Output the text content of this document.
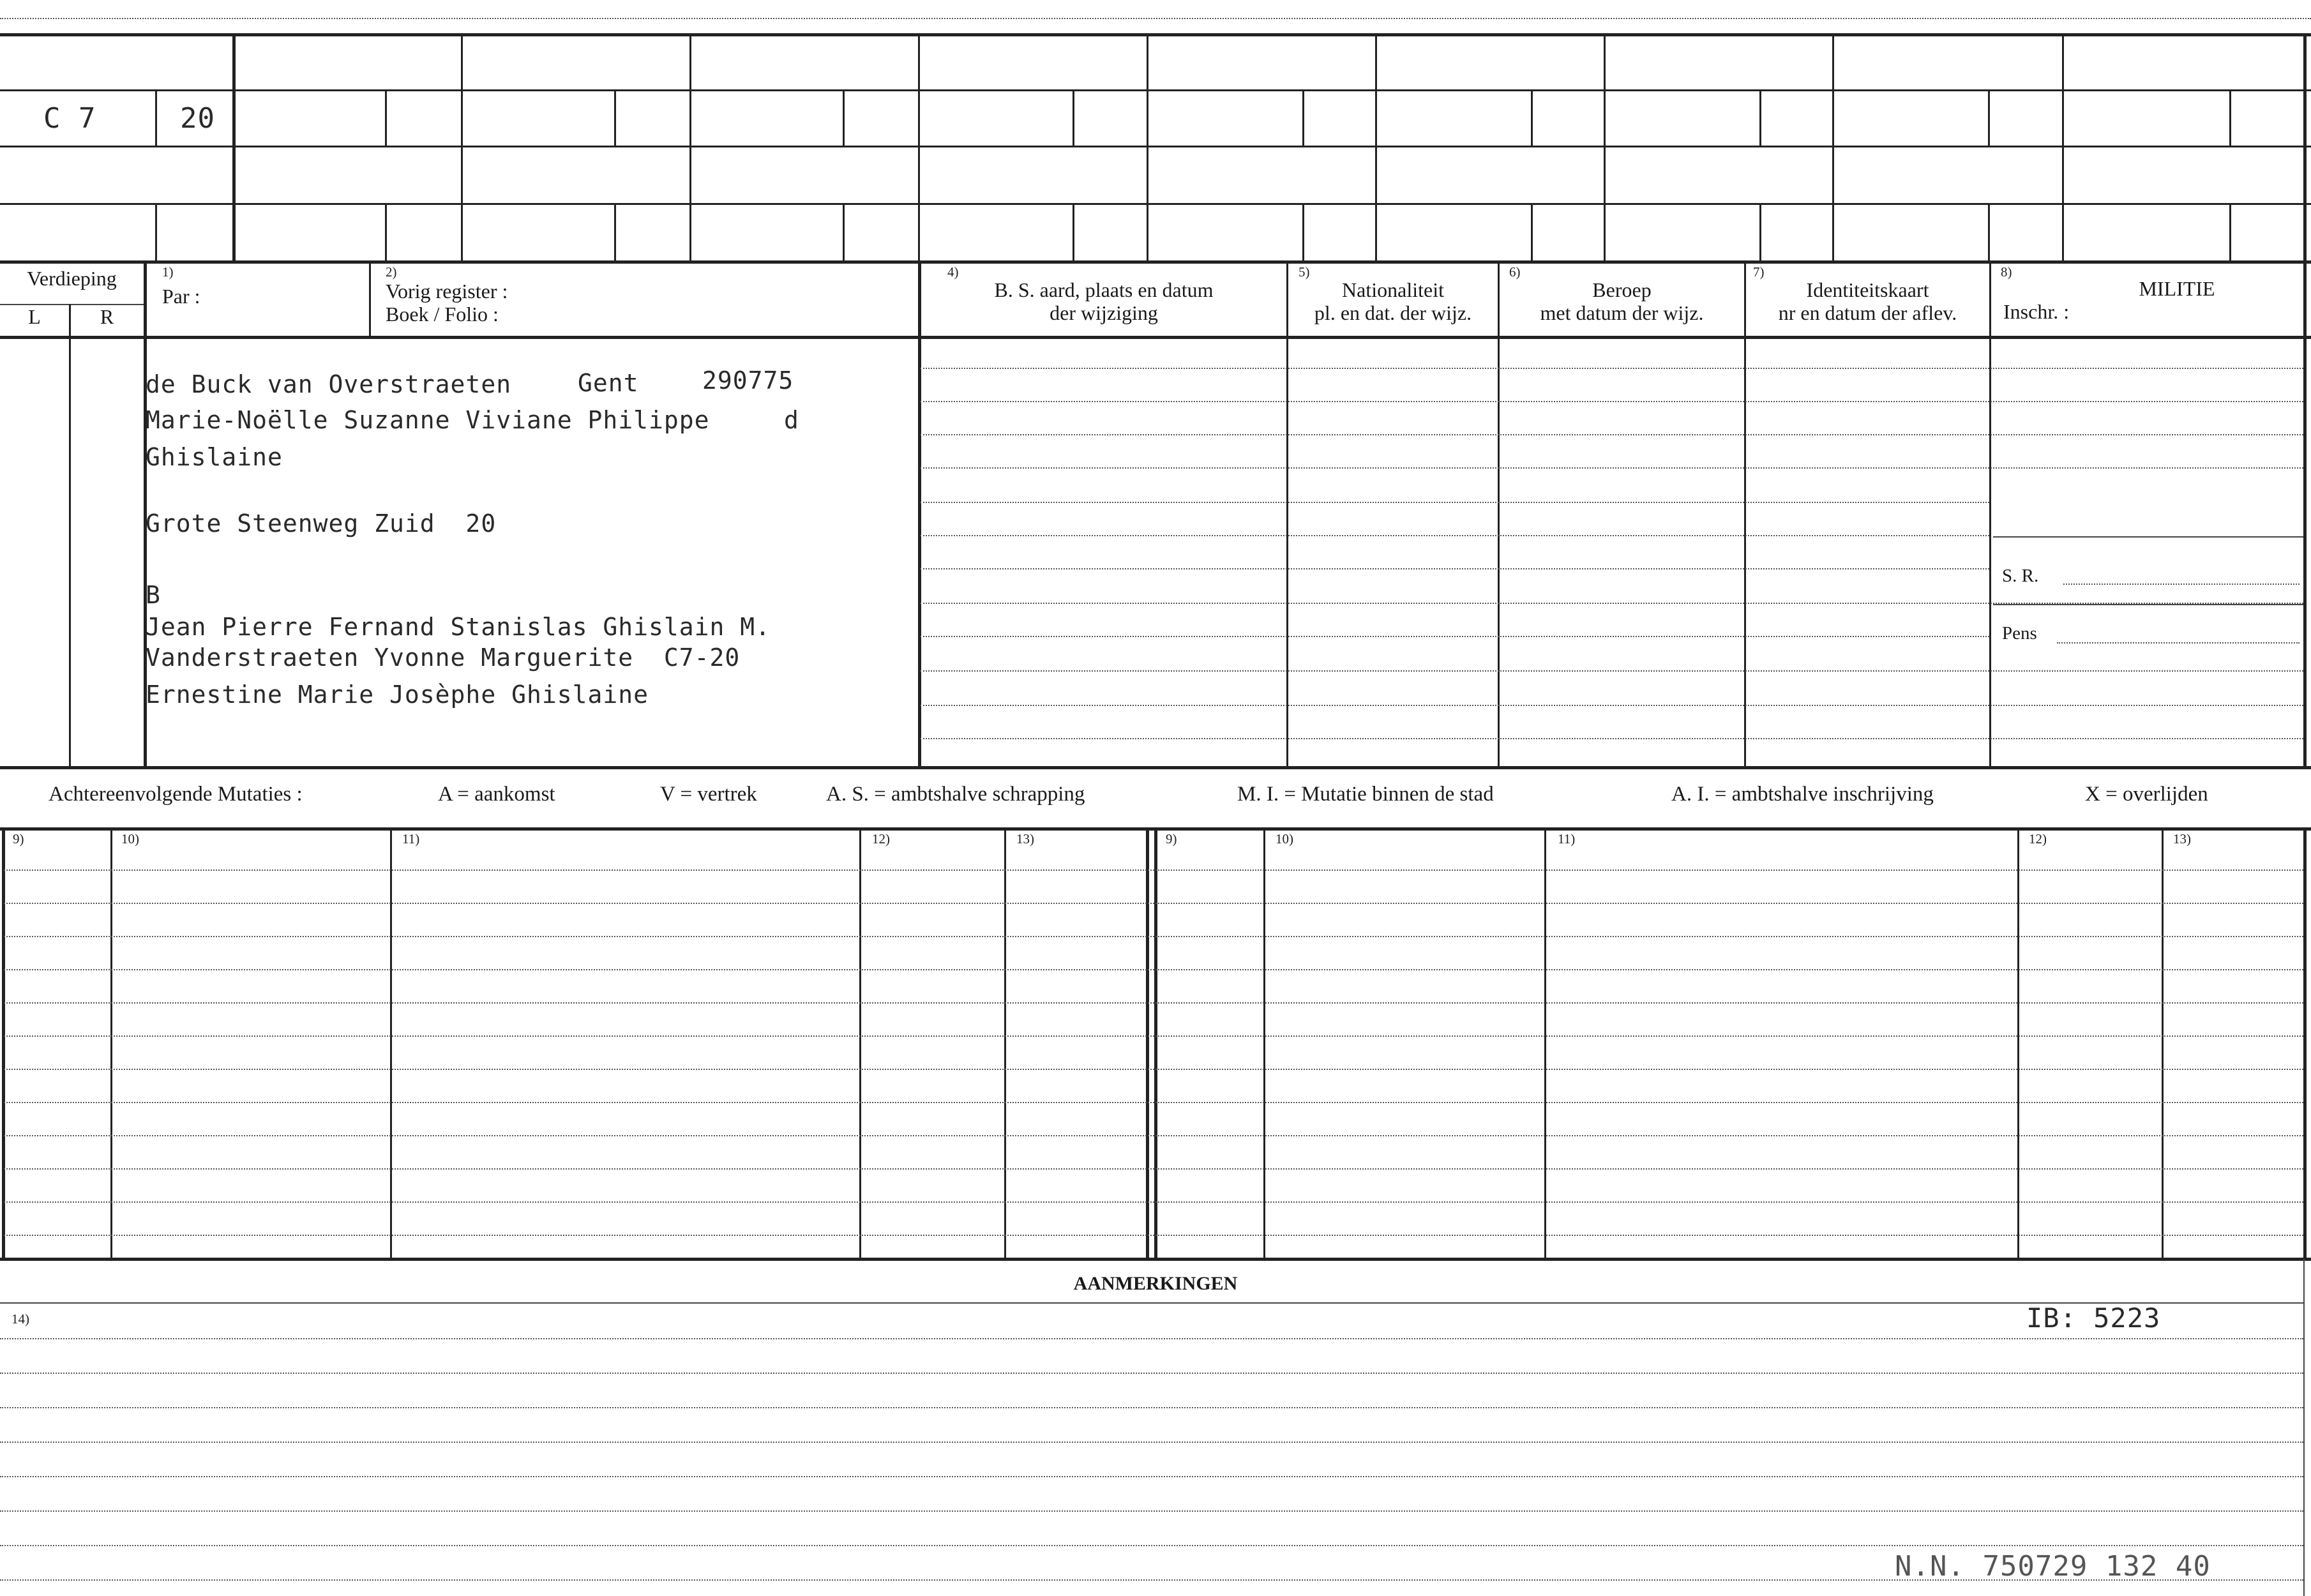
C 7	20
Verdieping
L	R
1)
Par :
2)
Vorig register :
Boek / Folio :
4)
B. S. aard, plaats en datum
der wijziging
5)
Nationaliteit
pl. en dat. der wijz.
6)
Beroep
met datum der wijz.
7)
Identiteitskaart
nr en datum der aflev.
8)
MILITIE
Inschr. :
S. R.
Pens
de Buck van Overstraeten	Gent	290775
Marie-Noëlle Suzanne Viviane Philippe	d
Ghislaine
Grote Steenweg Zuid  20
B
Jean Pierre Fernand Stanislas Ghislain M.
Vanderstraeten Yvonne Marguerite  C7-20
Ernestine Marie Josèphe Ghislaine
Achtereenvolgende Mutaties :	A = aankomst	V = vertrek	A. S. = ambtshalve schrapping	M. I. = Mutatie binnen de stad	A. I. = ambtshalve inschrijving	X = overlijden
9)	10)	11)	12)	13)	9)	10)	11)	12)	13)
AANMERKINGEN
14)	IB: 5223
N.N. 750729 132 40
